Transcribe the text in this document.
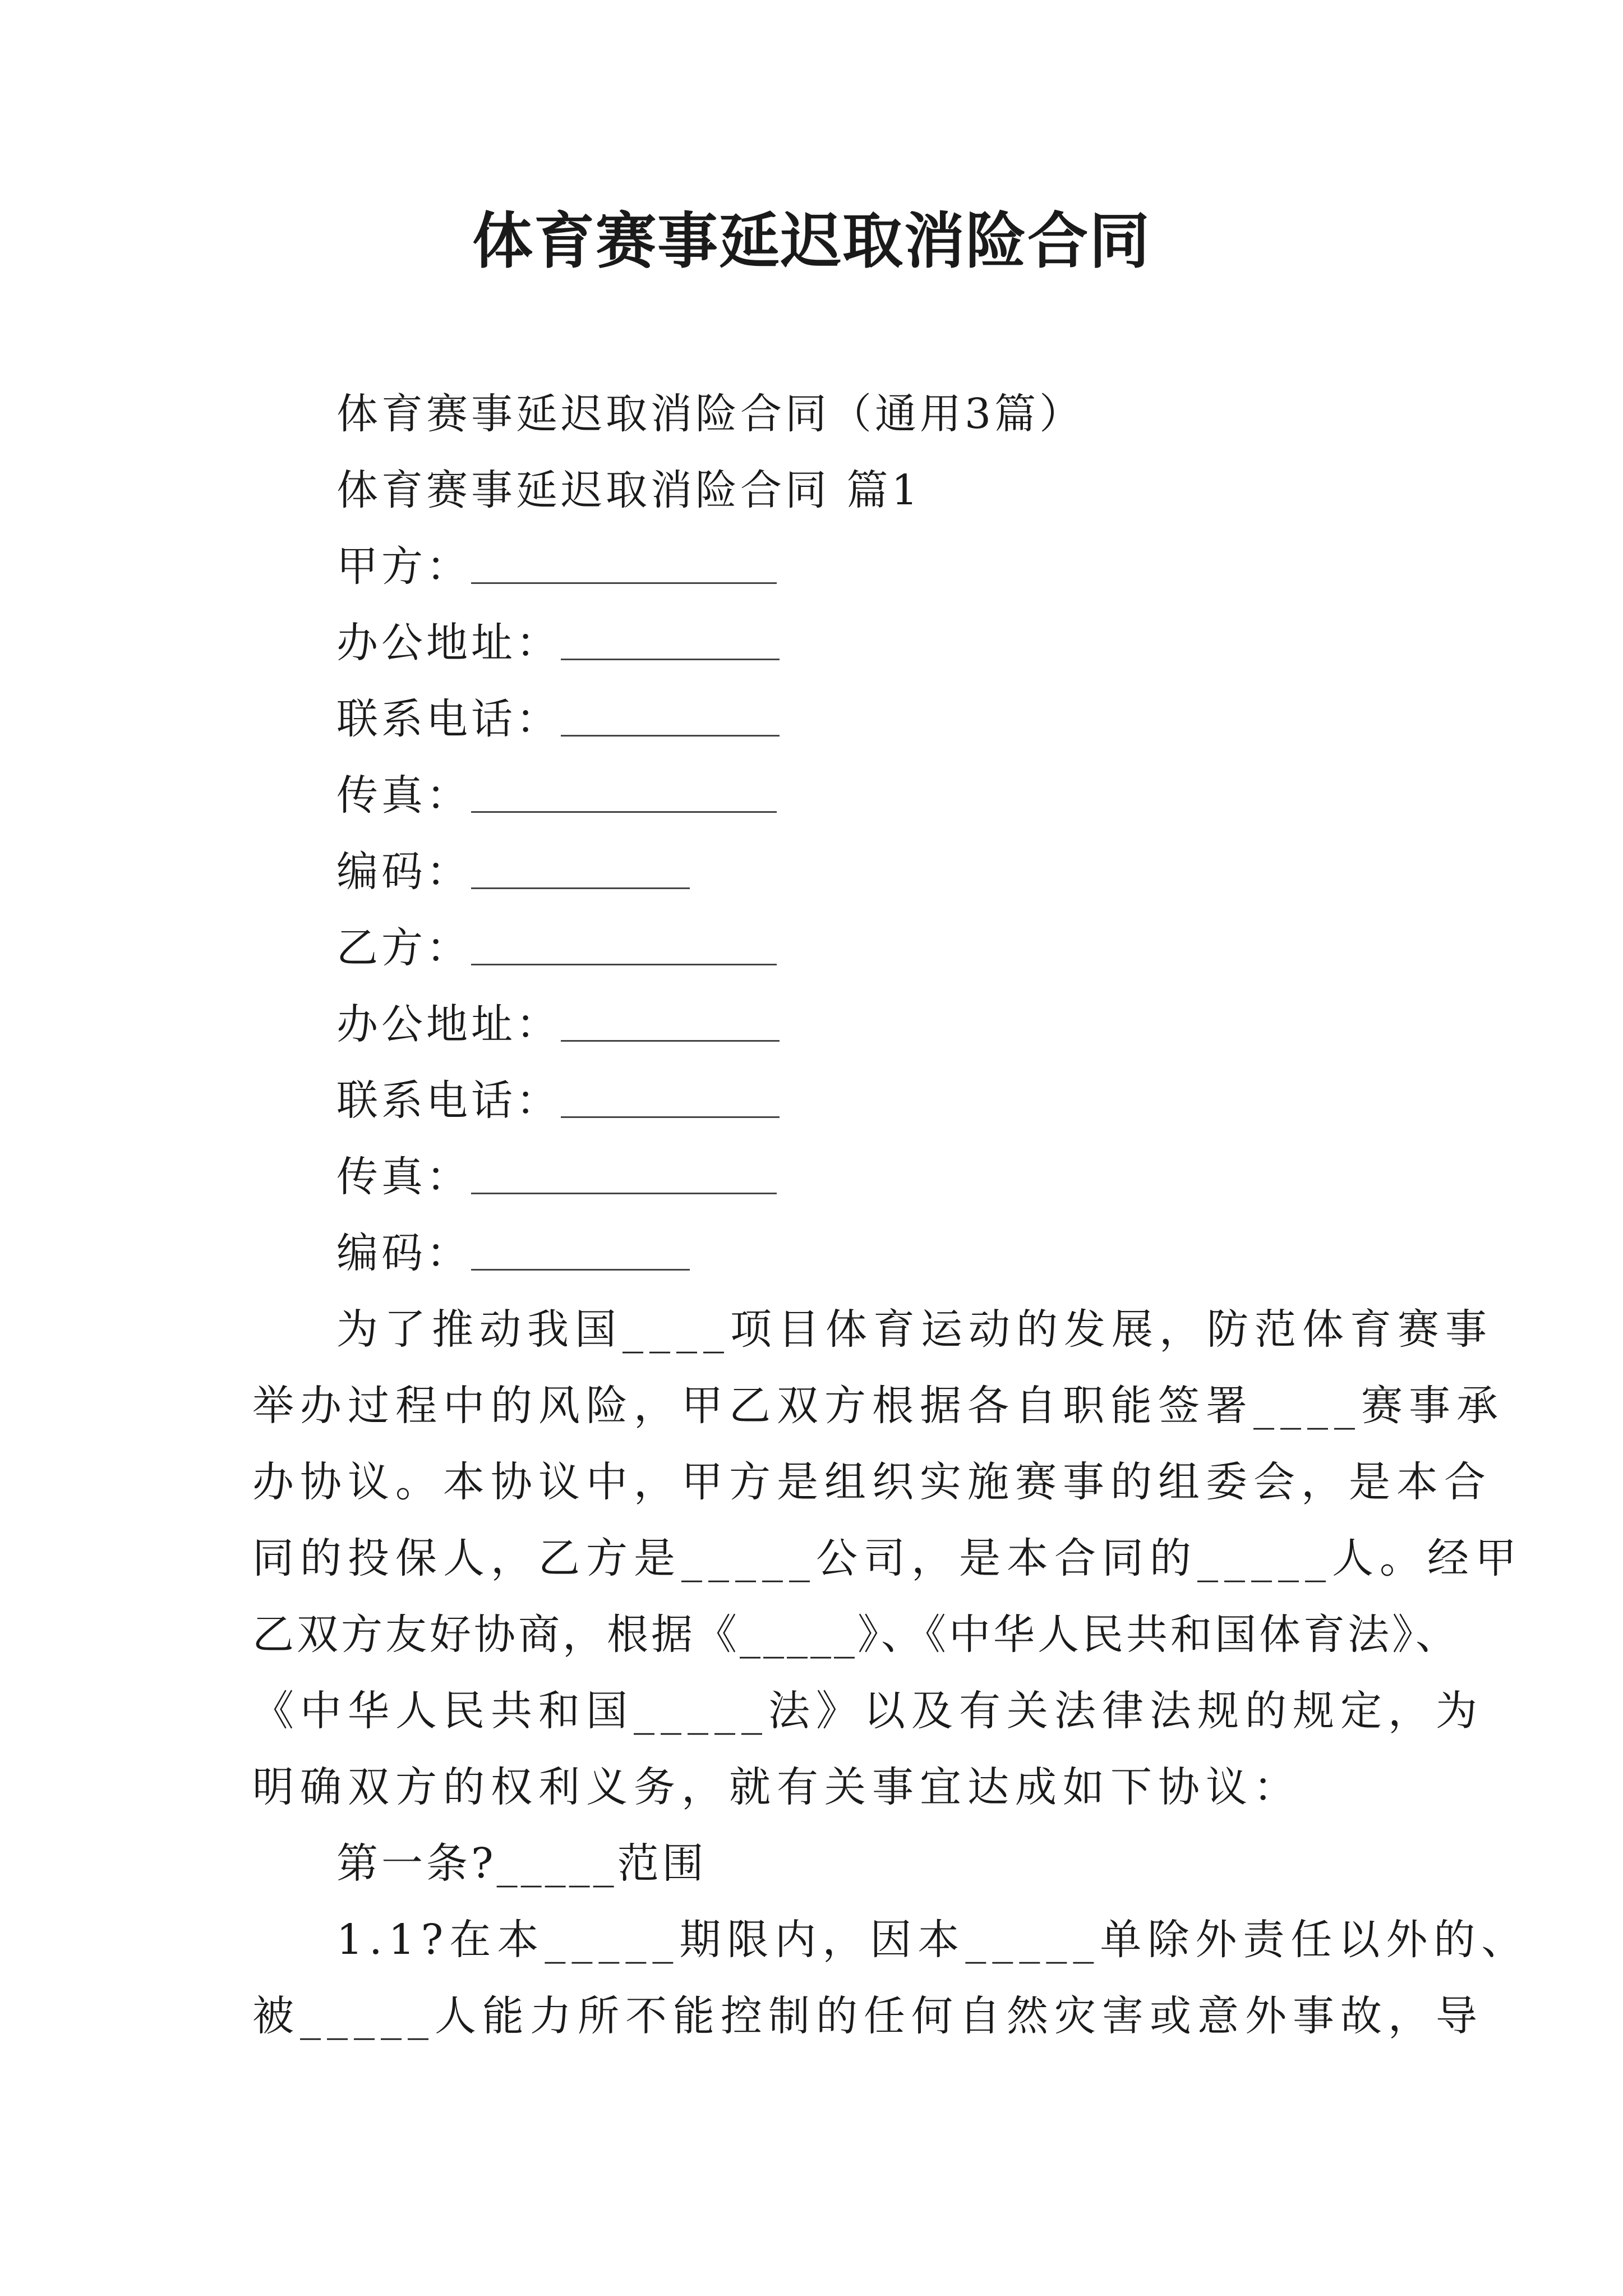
体育赛事延迟取消险合同
体育赛事延迟取消险合同（通用3篇）
体育赛事延迟取消险合同 篇1
甲方：
办公地址：
联系电话：
传真：
编码：
乙方：
办公地址：
联系电话：
传真：
编码：
为了推动我国____项目体育运动的发展，防范体育赛事
举办过程中的风险，甲乙双方根据各自职能签署____赛事承
办协议。本协议中，甲方是组织实施赛事的组委会，是本合
同的投保人，乙方是_____公司，是本合同的_____人。经甲
乙双方友好协商，根据《_____》、《中华人民共和国体育法》、
《中华人民共和国_____法》以及有关法律法规的规定，为
明确双方的权利义务，就有关事宜达成如下协议：
第一条?_____范围
1.1?在本_____期限内，因本_____单除外责任以外的、
被_____人能力所不能控制的任何自然灾害或意外事故，导
